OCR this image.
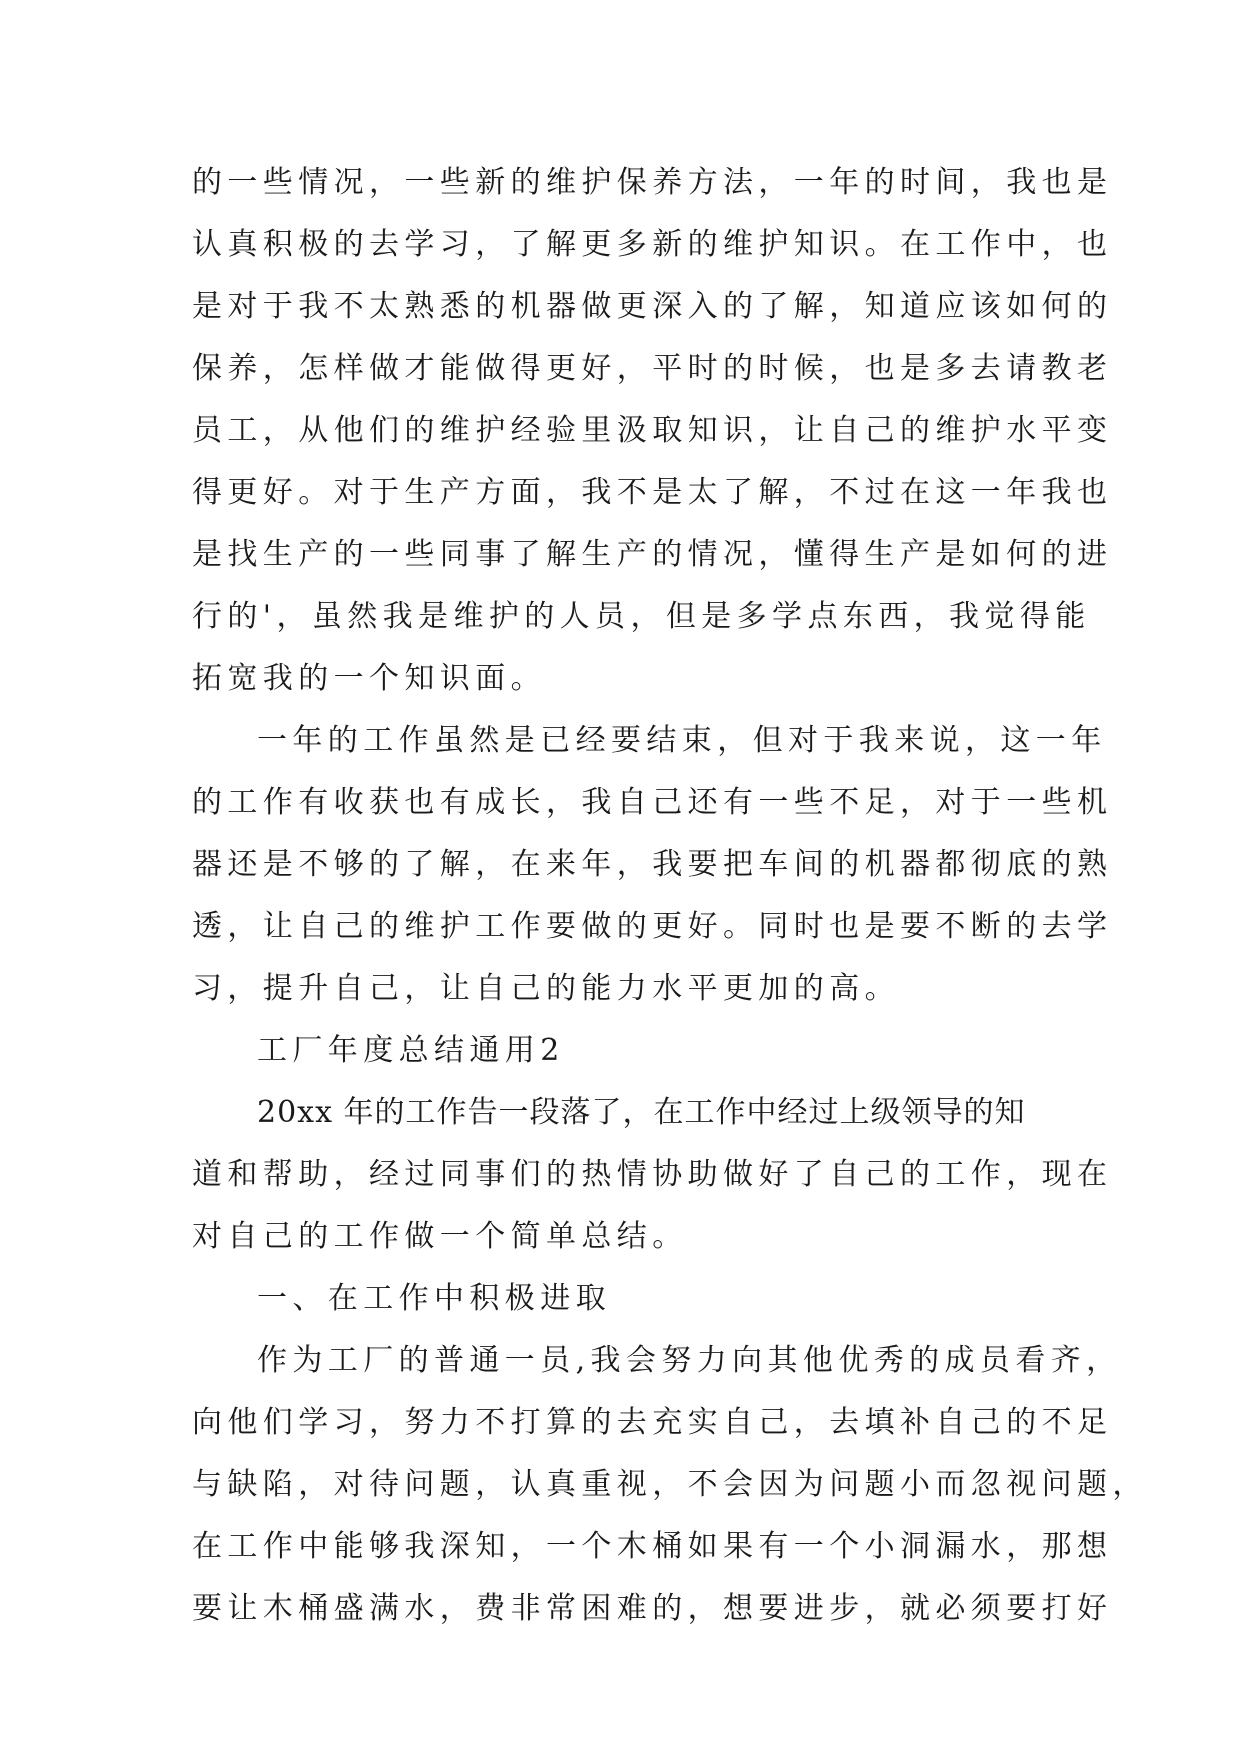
的一些情况，一些新的维护保养方法，一年的时间，我也是
认真积极的去学习，了解更多新的维护知识。在工作中，也
是对于我不太熟悉的机器做更深入的了解，知道应该如何的
保养，怎样做才能做得更好，平时的时候，也是多去请教老
员工，从他们的维护经验里汲取知识，让自己的维护水平变
得更好。对于生产方面，我不是太了解，不过在这一年我也
是找生产的一些同事了解生产的情况，懂得生产是如何的进
行的'，虽然我是维护的人员，但是多学点东西，我觉得能
拓宽我的一个知识面。
一年的工作虽然是已经要结束，但对于我来说，这一年
的工作有收获也有成长，我自己还有一些不足，对于一些机
器还是不够的了解，在来年，我要把车间的机器都彻底的熟
透，让自己的维护工作要做的更好。同时也是要不断的去学
习，提升自己，让自己的能力水平更加的高。
工厂年度总结通用2
20xx 年的工作告一段落了，在工作中经过上级领导的知
道和帮助，经过同事们的热情协助做好了自己的工作，现在
对自己的工作做一个简单总结。
一、在工作中积极进取
作为工厂的普通一员,我会努力向其他优秀的成员看齐，
向他们学习，努力不打算的去充实自己，去填补自己的不足
与缺陷，对待问题，认真重视，不会因为问题小而忽视问题，
在工作中能够我深知，一个木桶如果有一个小洞漏水，那想
要让木桶盛满水，费非常困难的，想要进步，就必须要打好
